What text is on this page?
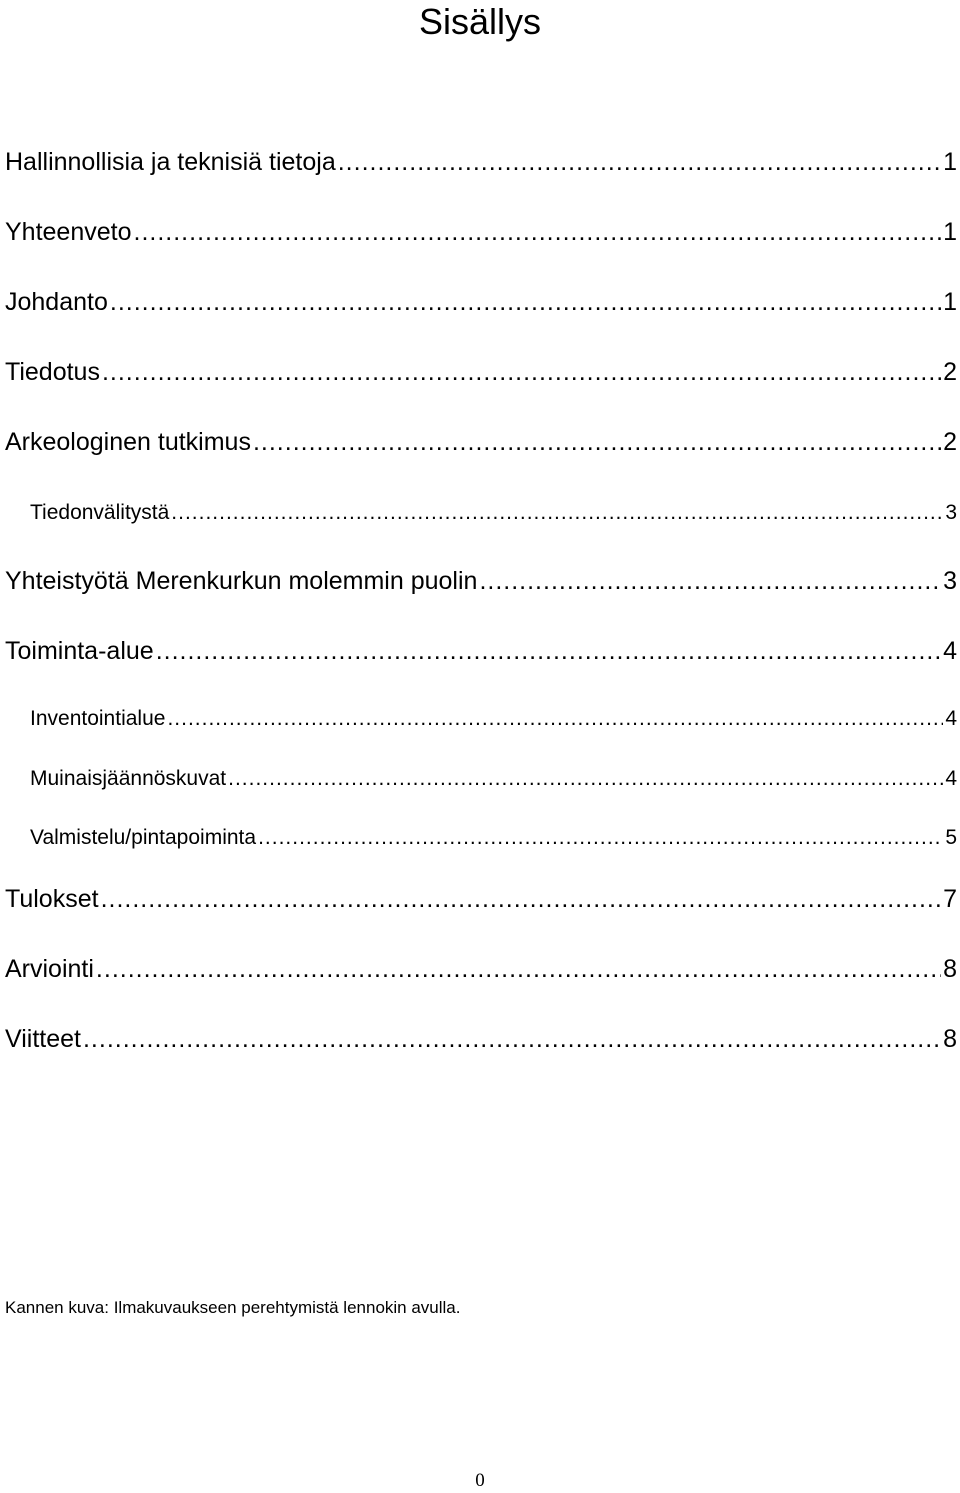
Sisällys
Hallinnollisia ja teknisiä tietoja .....	1
Yhteenveto .....	1
Johdanto .....	1
Tiedotus .....	2
Arkeologinen tutkimus .....	2
Tiedonvälitystä .....	3
Yhteistyötä Merenkurkun molemmin puolin .....	3
Toiminta-alue .....	4
Inventointialue .....	4
Muinaisjäännöskuvat .....	4
Valmistelu/pintapoiminta .....	5
Tulokset .....	7
Arviointi .....	8
Viitteet .....	8
Kannen kuva: Ilmakuvaukseen perehtymistä lennokin avulla.
0
